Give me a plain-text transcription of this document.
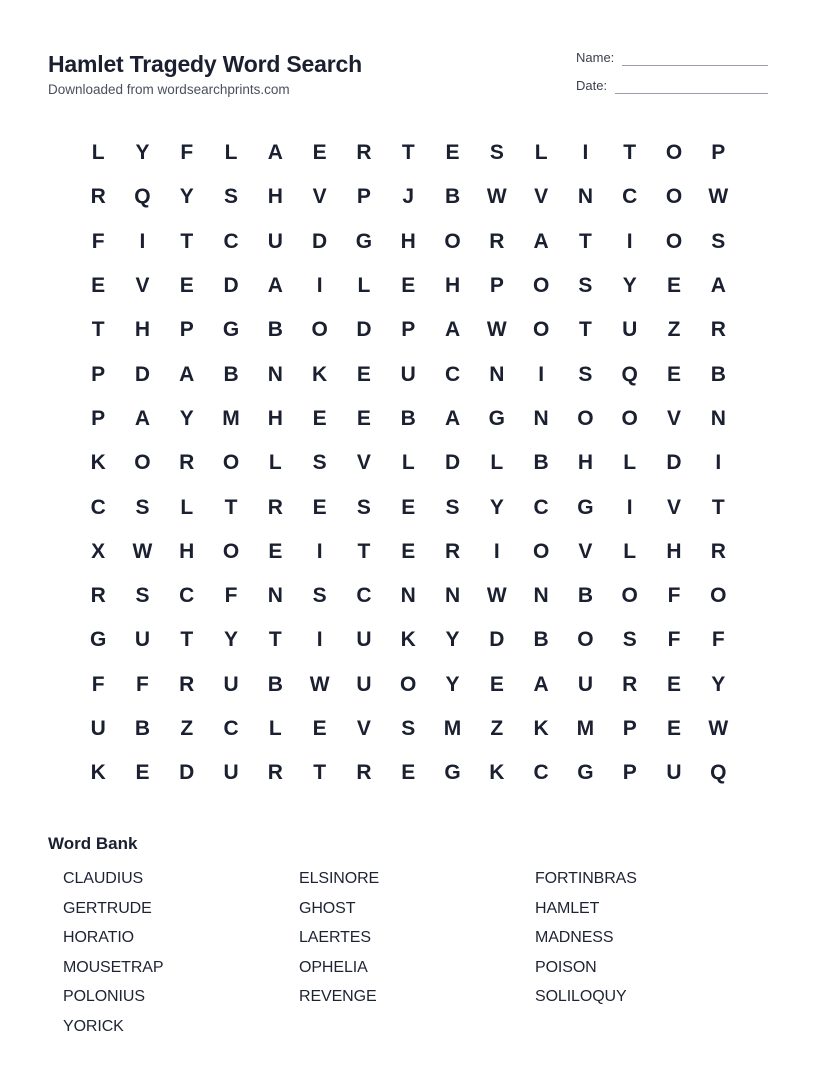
Hamlet Tragedy Word Search
Downloaded from wordsearchprints.com
Name:
Date:
L	Y	F	L	A	E	R	T	E	S	L	I	T	O	P
R	Q	Y	S	H	V	P	J	B	W	V	N	C	O	W
F	I	T	C	U	D	G	H	O	R	A	T	I	O	S
E	V	E	D	A	I	L	E	H	P	O	S	Y	E	A
T	H	P	G	B	O	D	P	A	W	O	T	U	Z	R
P	D	A	B	N	K	E	U	C	N	I	S	Q	E	B
P	A	Y	M	H	E	E	B	A	G	N	O	O	V	N
K	O	R	O	L	S	V	L	D	L	B	H	L	D	I
C	S	L	T	R	E	S	E	S	Y	C	G	I	V	T
X	W	H	O	E	I	T	E	R	I	O	V	L	H	R
R	S	C	F	N	S	C	N	N	W	N	B	O	F	O
G	U	T	Y	T	I	U	K	Y	D	B	O	S	F	F
F	F	R	U	B	W	U	O	Y	E	A	U	R	E	Y
U	B	Z	C	L	E	V	S	M	Z	K	M	P	E	W
K	E	D	U	R	T	R	E	G	K	C	G	P	U	Q
Word Bank
CLAUDIUS	ELSINORE	FORTINBRAS
GERTRUDE	GHOST	HAMLET
HORATIO	LAERTES	MADNESS
MOUSETRAP	OPHELIA	POISON
POLONIUS	REVENGE	SOLILOQUY
YORICK
